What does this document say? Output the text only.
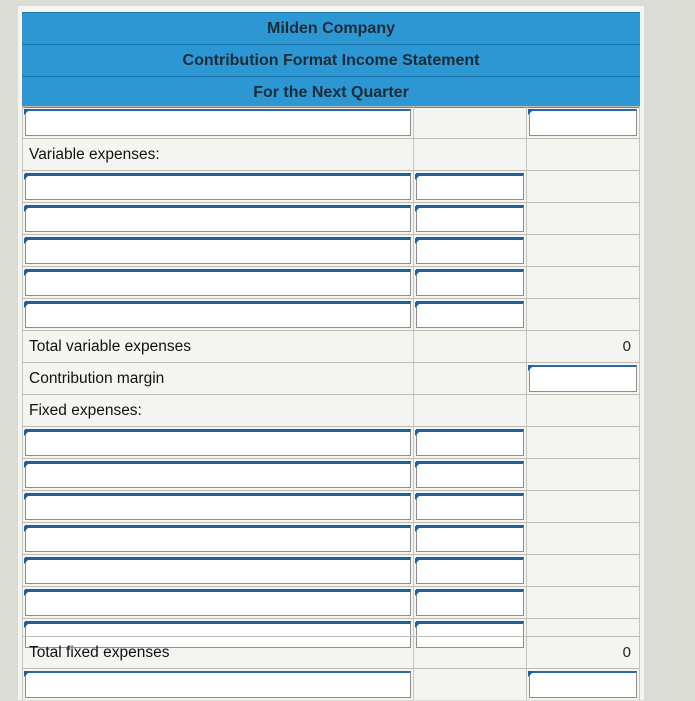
Milden Company
Contribution Format Income Statement
For the Next Quarter
Variable expenses:
Total variable expenses	0
Contribution margin
Fixed expenses:
Total fixed expenses	0
